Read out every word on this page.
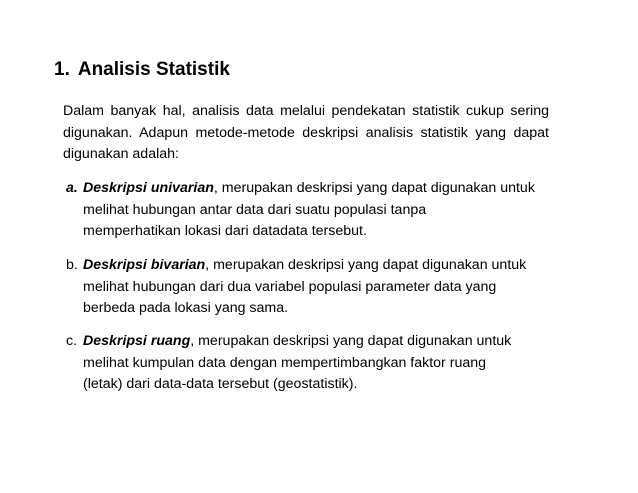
1. Analisis Statistik
Dalam banyak hal, analisis data melalui pendekatan statistik cukup sering digunakan. Adapun metode-metode deskripsi analisis statistik yang dapat digunakan adalah:
a. Deskripsi univarian, merupakan deskripsi yang dapat digunakan untuk
melihat hubungan antar data dari suatu populasi tanpa
memperhatikan lokasi dari datadata tersebut.
b. Deskripsi bivarian, merupakan deskripsi yang dapat digunakan untuk
melihat hubungan dari dua variabel populasi parameter data yang
berbeda pada lokasi yang sama.
c. Deskripsi ruang, merupakan deskripsi yang dapat digunakan untuk
melihat kumpulan data dengan mempertimbangkan faktor ruang
(letak) dari data-data tersebut (geostatistik).
